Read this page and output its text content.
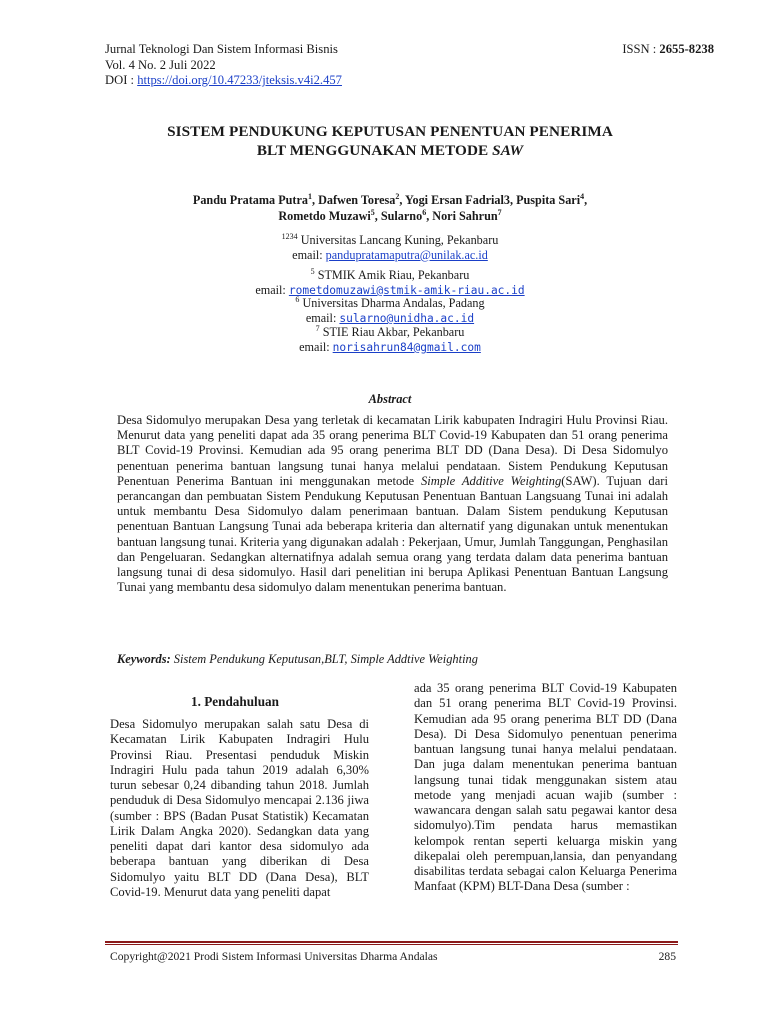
Jurnal Teknologi Dan Sistem Informasi Bisnis
Vol. 4 No. 2 Juli 2022
DOI : https://doi.org/10.47233/jteksis.v4i2.457
ISSN : 2655-8238
SISTEM PENDUKUNG KEPUTUSAN PENENTUAN PENERIMA
BLT MENGGUNAKAN METODE SAW
Pandu Pratama Putra$^1$, Dafwen Toresa$^2$, Yogi Ersan Fadrial3, Puspita Sari$^4$,
Rometdo Muzawi$^5$, Sularno$^6$, Nori Sahrun$^7$
$^{1234}$ Universitas Lancang Kuning, Pekanbaru
email: pandupratamaputra@unilak.ac.id
$^5$ STMIK Amik Riau, Pekanbaru
email: rometdomuzawi@stmik-amik-riau.ac.id
$^6$ Universitas Dharma Andalas, Padang
email: sularno@unidha.ac.id
$^7$ STIE Riau Akbar, Pekanbaru
email: norisahrun84@gmail.com
Abstract

Desa Sidomulyo merupakan Desa yang terletak di kecamatan Lirik kabupaten Indragiri Hulu Provinsi Riau. Menurut data yang peneliti dapat ada 35 orang penerima BLT Covid-19 Kabupaten dan 51 orang penerima BLT Covid-19 Provinsi. Kemudian ada 95 orang penerima BLT DD (Dana Desa). Di Desa Sidomulyo penentuan penerima bantuan langsung tunai hanya melalui pendataan. Sistem Pendukung Keputusan Penentuan Penerima Bantuan ini menggunakan metode Simple Additive Weighting(SAW). Tujuan dari perancangan dan pembuatan Sistem Pendukung Keputusan Penentuan Bantuan Langsuang Tunai ini adalah untuk membantu Desa Sidomulyo dalam penerimaan bantuan. Dalam Sistem pendukung Keputusan penentuan Bantuan Langsung Tunai ada beberapa kriteria dan alternatif yang digunakan untuk menentukan bantuan langsung tunai. Kriteria yang digunakan adalah : Pekerjaan, Umur, Jumlah Tanggungan, Penghasilan dan Pengeluaran. Sedangkan alternatifnya adalah semua orang yang terdata dalam data penerima bantuan langsung tunai di desa sidomulyo. Hasil dari penelitian ini berupa Aplikasi Penentuan Bantuan Langsung Tunai yang membantu desa sidomulyo dalam menentukan penerima bantuan.

Keywords: Sistem Pendukung Keputusan,BLT, Simple Addtive Weighting
1. Pendahuluan

Desa Sidomulyo merupakan salah satu Desa di Kecamatan Lirik Kabupaten Indragiri Hulu Provinsi Riau. Presentasi penduduk Miskin Indragiri Hulu pada tahun 2019 adalah 6,30% turun sebesar 0,24 dibanding tahun 2018. Jumlah penduduk di Desa Sidomulyo mencapai 2.136 jiwa (sumber : BPS (Badan Pusat Statistik) Kecamatan Lirik Dalam Angka 2020). Sedangkan data yang peneliti dapat dari kantor desa sidomulyo ada beberapa bantuan yang diberikan di Desa Sidomulyo yaitu BLT DD (Dana Desa), BLT Covid-19. Menurut data yang peneliti dapat

ada 35 orang penerima BLT Covid-19 Kabupaten dan 51 orang penerima BLT Covid-19 Provinsi. Kemudian ada 95 orang penerima BLT DD (Dana Desa). Di Desa Sidomulyo penentuan penerima bantuan langsung tunai hanya melalui pendataan. Dan juga dalam menentukan penerima bantuan langsung tunai tidak menggunakan sistem atau metode yang menjadi acuan wajib (sumber : wawancara dengan salah satu pegawai kantor desa sidomulyo).Tim pendata harus memastikan kelompok rentan seperti keluarga miskin yang dikepalai oleh perempuan,lansia, dan penyandang disabilitas terdata sebagai calon Keluarga Penerima Manfaat (KPM) BLT-Dana Desa (sumber :

Copyright@2021 Prodi Sistem Informasi Universitas Dharma Andalas	285
